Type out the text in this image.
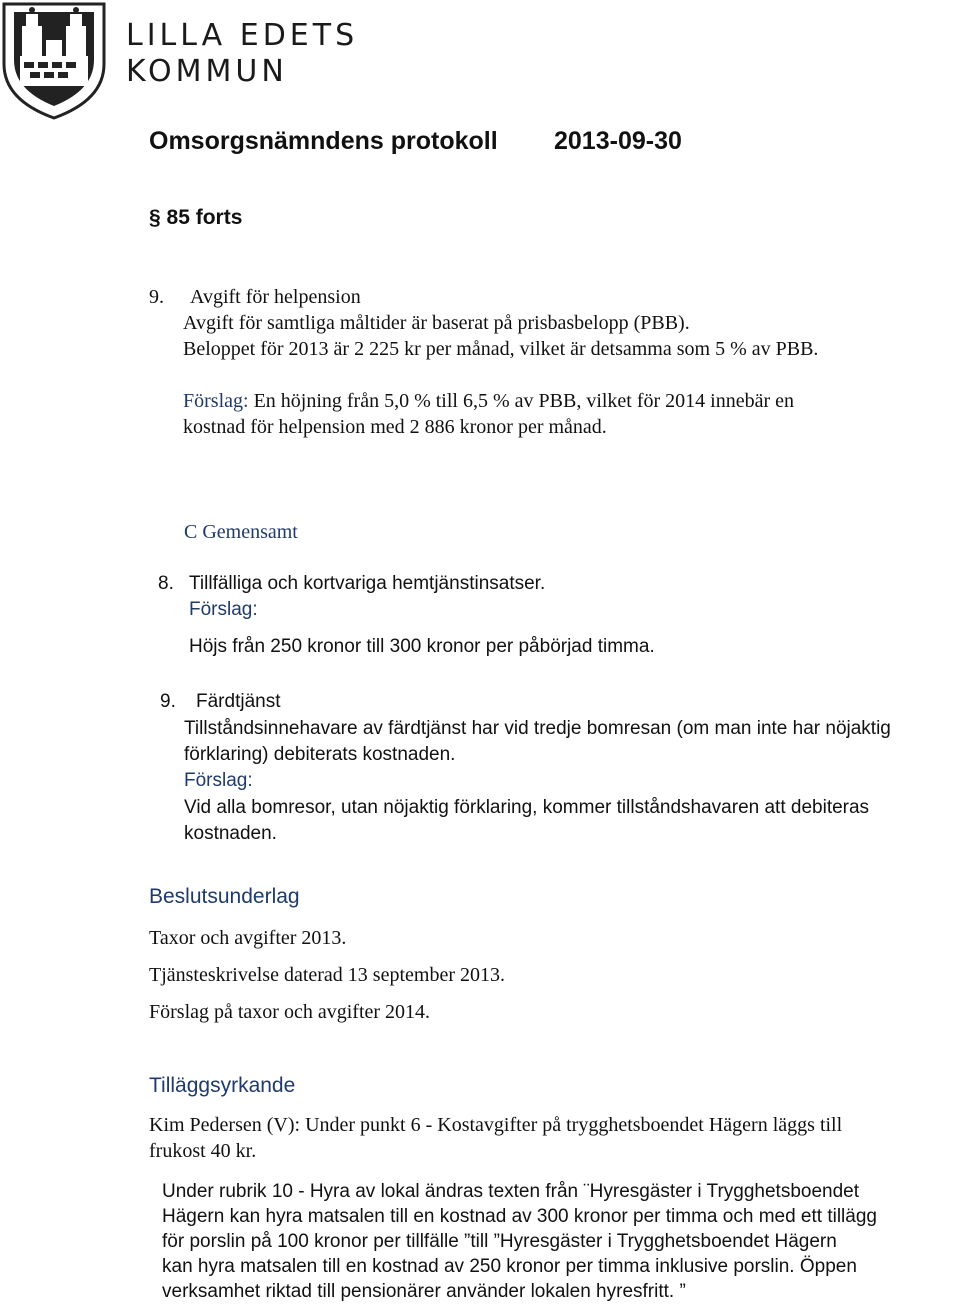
LILLA EDETS
KOMMUN
Omsorgsnämndens protokoll 2013-09-30
§ 85 forts
9. Avgift för helpension
Avgift för samtliga måltider är baserat på prisbasbelopp (PBB).
Beloppet för 2013 är 2 225 kr per månad, vilket är detsamma som 5 % av PBB.
Förslag: En höjning från 5,0 % till 6,5 % av PBB, vilket för 2014 innebär en
kostnad för helpension med 2 886 kronor per månad.
C Gemensamt
8. Tillfälliga och kortvariga hemtjänstinsatser.
Förslag:
Höjs från 250 kronor till 300 kronor per påbörjad timma.
9. Färdtjänst
Tillståndsinnehavare av färdtjänst har vid tredje bomresan (om man inte har nöjaktig
förklaring) debiterats kostnaden.
Förslag:
Vid alla bomresor, utan nöjaktig förklaring, kommer tillståndshavaren att debiteras
kostnaden.
Beslutsunderlag
Taxor och avgifter 2013.
Tjänsteskrivelse daterad 13 september 2013.
Förslag på taxor och avgifter 2014.
Tilläggsyrkande
Kim Pedersen (V): Under punkt 6 - Kostavgifter på trygghetsboendet Hägern läggs till
frukost 40 kr.
Under rubrik 10 - Hyra av lokal ändras texten från ¨Hyresgäster i Trygghetsboendet
Hägern kan hyra matsalen till en kostnad av 300 kronor per timma och med ett tillägg
för porslin på 100 kronor per tillfälle ”till ”Hyresgäster i Trygghetsboendet Hägern
kan hyra matsalen till en kostnad av 250 kronor per timma inklusive porslin. Öppen
verksamhet riktad till pensionärer använder lokalen hyresfritt. ”
